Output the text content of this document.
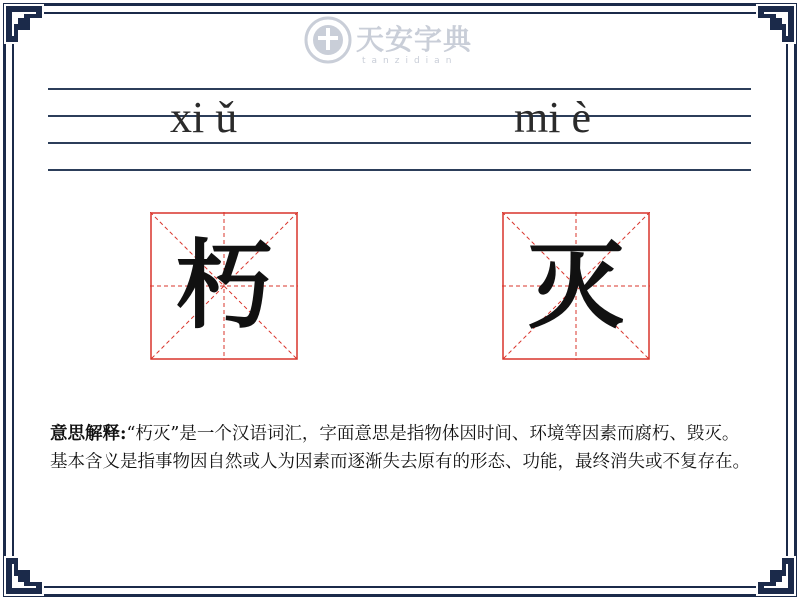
天安字典
tanzidian
xi ǔ	mi è
朽	灭
意思解释:“朽灭”是一个汉语词汇，字面意思是指物体因时间、环境等因素而腐朽、毁灭。基本含义是指事物因自然或人为因素而逐渐失去原有的形态、功能，最终消失或不复存在。
